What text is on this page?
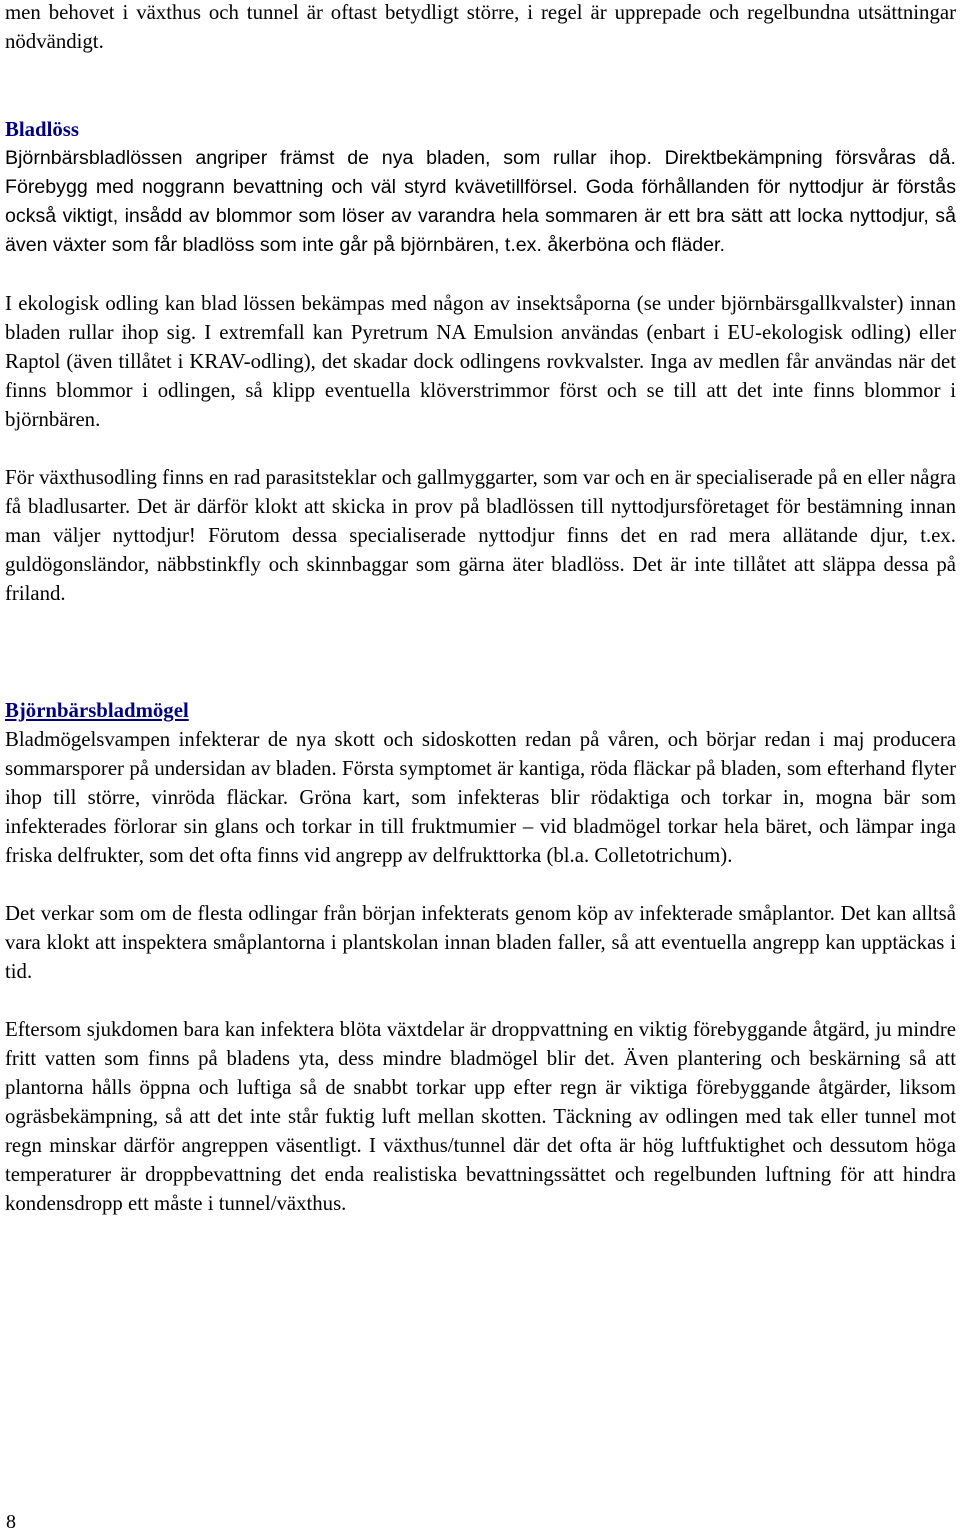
men behovet i växthus och tunnel är oftast betydligt större, i regel är upprepade och regelbundna utsättningar nödvändigt.

Bladlöss

Björnbärsbladlössen angriper främst de nya bladen, som rullar ihop. Direktbekämpning försvåras då. Förebygg med noggrann bevattning och väl styrd kvävetillförsel. Goda förhållanden för nyttodjur är förstås också viktigt, insådd av blommor som löser av varandra hela sommaren är ett bra sätt att locka nyttodjur, så även växter som får bladlöss som inte går på björnbären, t.ex. åkerböna och fläder.

I ekologisk odling kan blad lössen bekämpas med någon av insektsåporna (se under björnbärsgallkvalster) innan bladen rullar ihop sig. I extremfall kan Pyretrum NA Emulsion användas (enbart i EU-ekologisk odling) eller Raptol (även tillåtet i KRAV-odling), det skadar dock odlingens rovkvalster. Inga av medlen får användas när det finns blommor i odlingen, så klipp eventuella klöverstrimmor först och se till att det inte finns blommor i björnbären.

För växthusodling finns en rad parasitsteklar och gallmyggarter, som var och en är specialiserade på en eller några få bladlusarter. Det är därför klokt att skicka in prov på bladlössen till nyttodjursföretaget för bestämning innan man väljer nyttodjur! Förutom dessa specialiserade nyttodjur finns det en rad mera allätande djur, t.ex. guldögonsländor, näbbstinkfly och skinnbaggar som gärna äter bladlöss. Det är inte tillåtet att släppa dessa på friland.

Björnbärsbladmögel

Bladmögelsvampen infekterar de nya skott och sidoskotten redan på våren, och börjar redan i maj producera sommarsporer på undersidan av bladen. Första symptomet är kantiga, röda fläckar på bladen, som efterhand flyter ihop till större, vinröda fläckar. Gröna kart, som infekteras blir rödaktiga och torkar in, mogna bär som infekterades förlorar sin glans och torkar in till fruktmumier – vid bladmögel torkar hela bäret, och lämpar inga friska delfrukter, som det ofta finns vid angrepp av delfrukttorka (bl.a. Colletotrichum).

Det verkar som om de flesta odlingar från början infekterats genom köp av infekterade småplantor. Det kan alltså vara klokt att inspektera småplantorna i plantskolan innan bladen faller, så att eventuella angrepp kan upptäckas i tid.

Eftersom sjukdomen bara kan infektera blöta växtdelar är droppvattning en viktig förebyggande åtgärd, ju mindre fritt vatten som finns på bladens yta, dess mindre bladmögel blir det. Även plantering och beskärning så att plantorna hålls öppna och luftiga så de snabbt torkar upp efter regn är viktiga förebyggande åtgärder, liksom ogräsbekämpning, så att det inte står fuktig luft mellan skotten. Täckning av odlingen med tak eller tunnel mot regn minskar därför angreppen väsentligt. I växthus/tunnel där det ofta är hög luftfuktighet och dessutom höga temperaturer är droppbevattning det enda realistiska bevattningssättet och regelbunden luftning för att hindra kondensdropp ett måste i tunnel/växthus.

8
